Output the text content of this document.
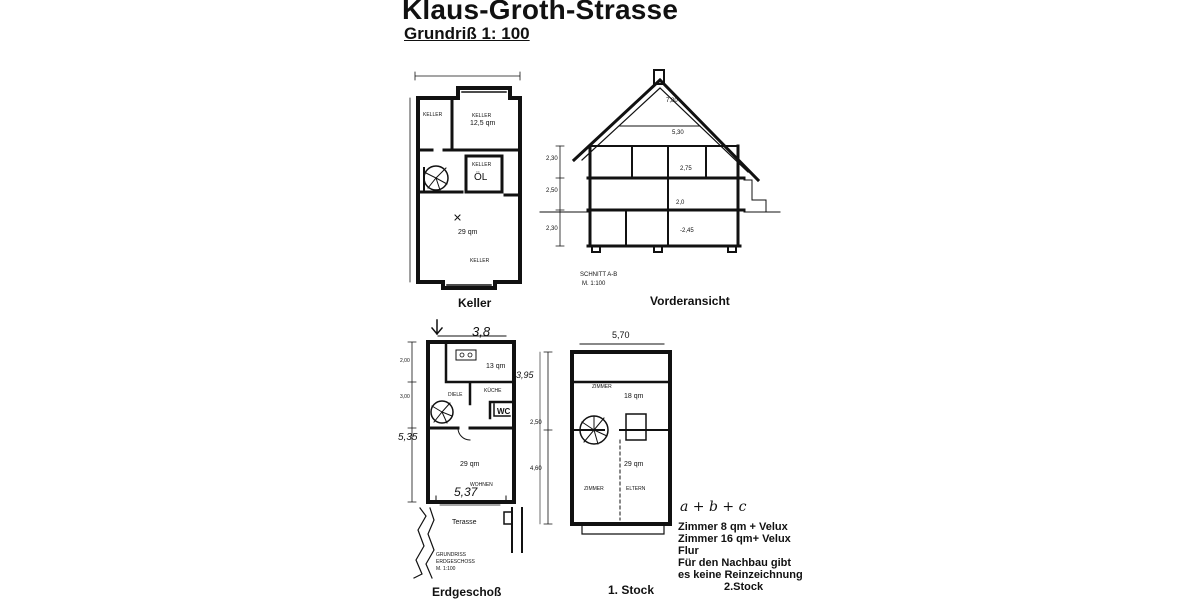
Klaus-Groth-Strasse
Grundriß 1: 100
KELLER	KELLER
12,5 qm
KELLER
ÖL
29 qm
KELLER
7,80
5,30
2,75
2,0
-2,45
2,30
2,50
2,30
SCHNITT A-B
M. 1:100
13 qm
KÜCHE
DIELE
WC
29 qm
WOHNEN
Terasse
3,8
3,95
5,35
5,37
2,00
3,00
GRUNDRISS
ERDGESCHOSS
M. 1:100
5,70
ZIMMER
18 qm
29 qm
ZIMMER	ELTERN
2,50
4,60
Keller	Vorderansicht
Erdgeschoß	1. Stock
a + b + c
Zimmer 8 qm + Velux
Zimmer 16 qm+ Velux
Flur
Für den Nachbau gibt
es keine Reinzeichnung
2.Stock
